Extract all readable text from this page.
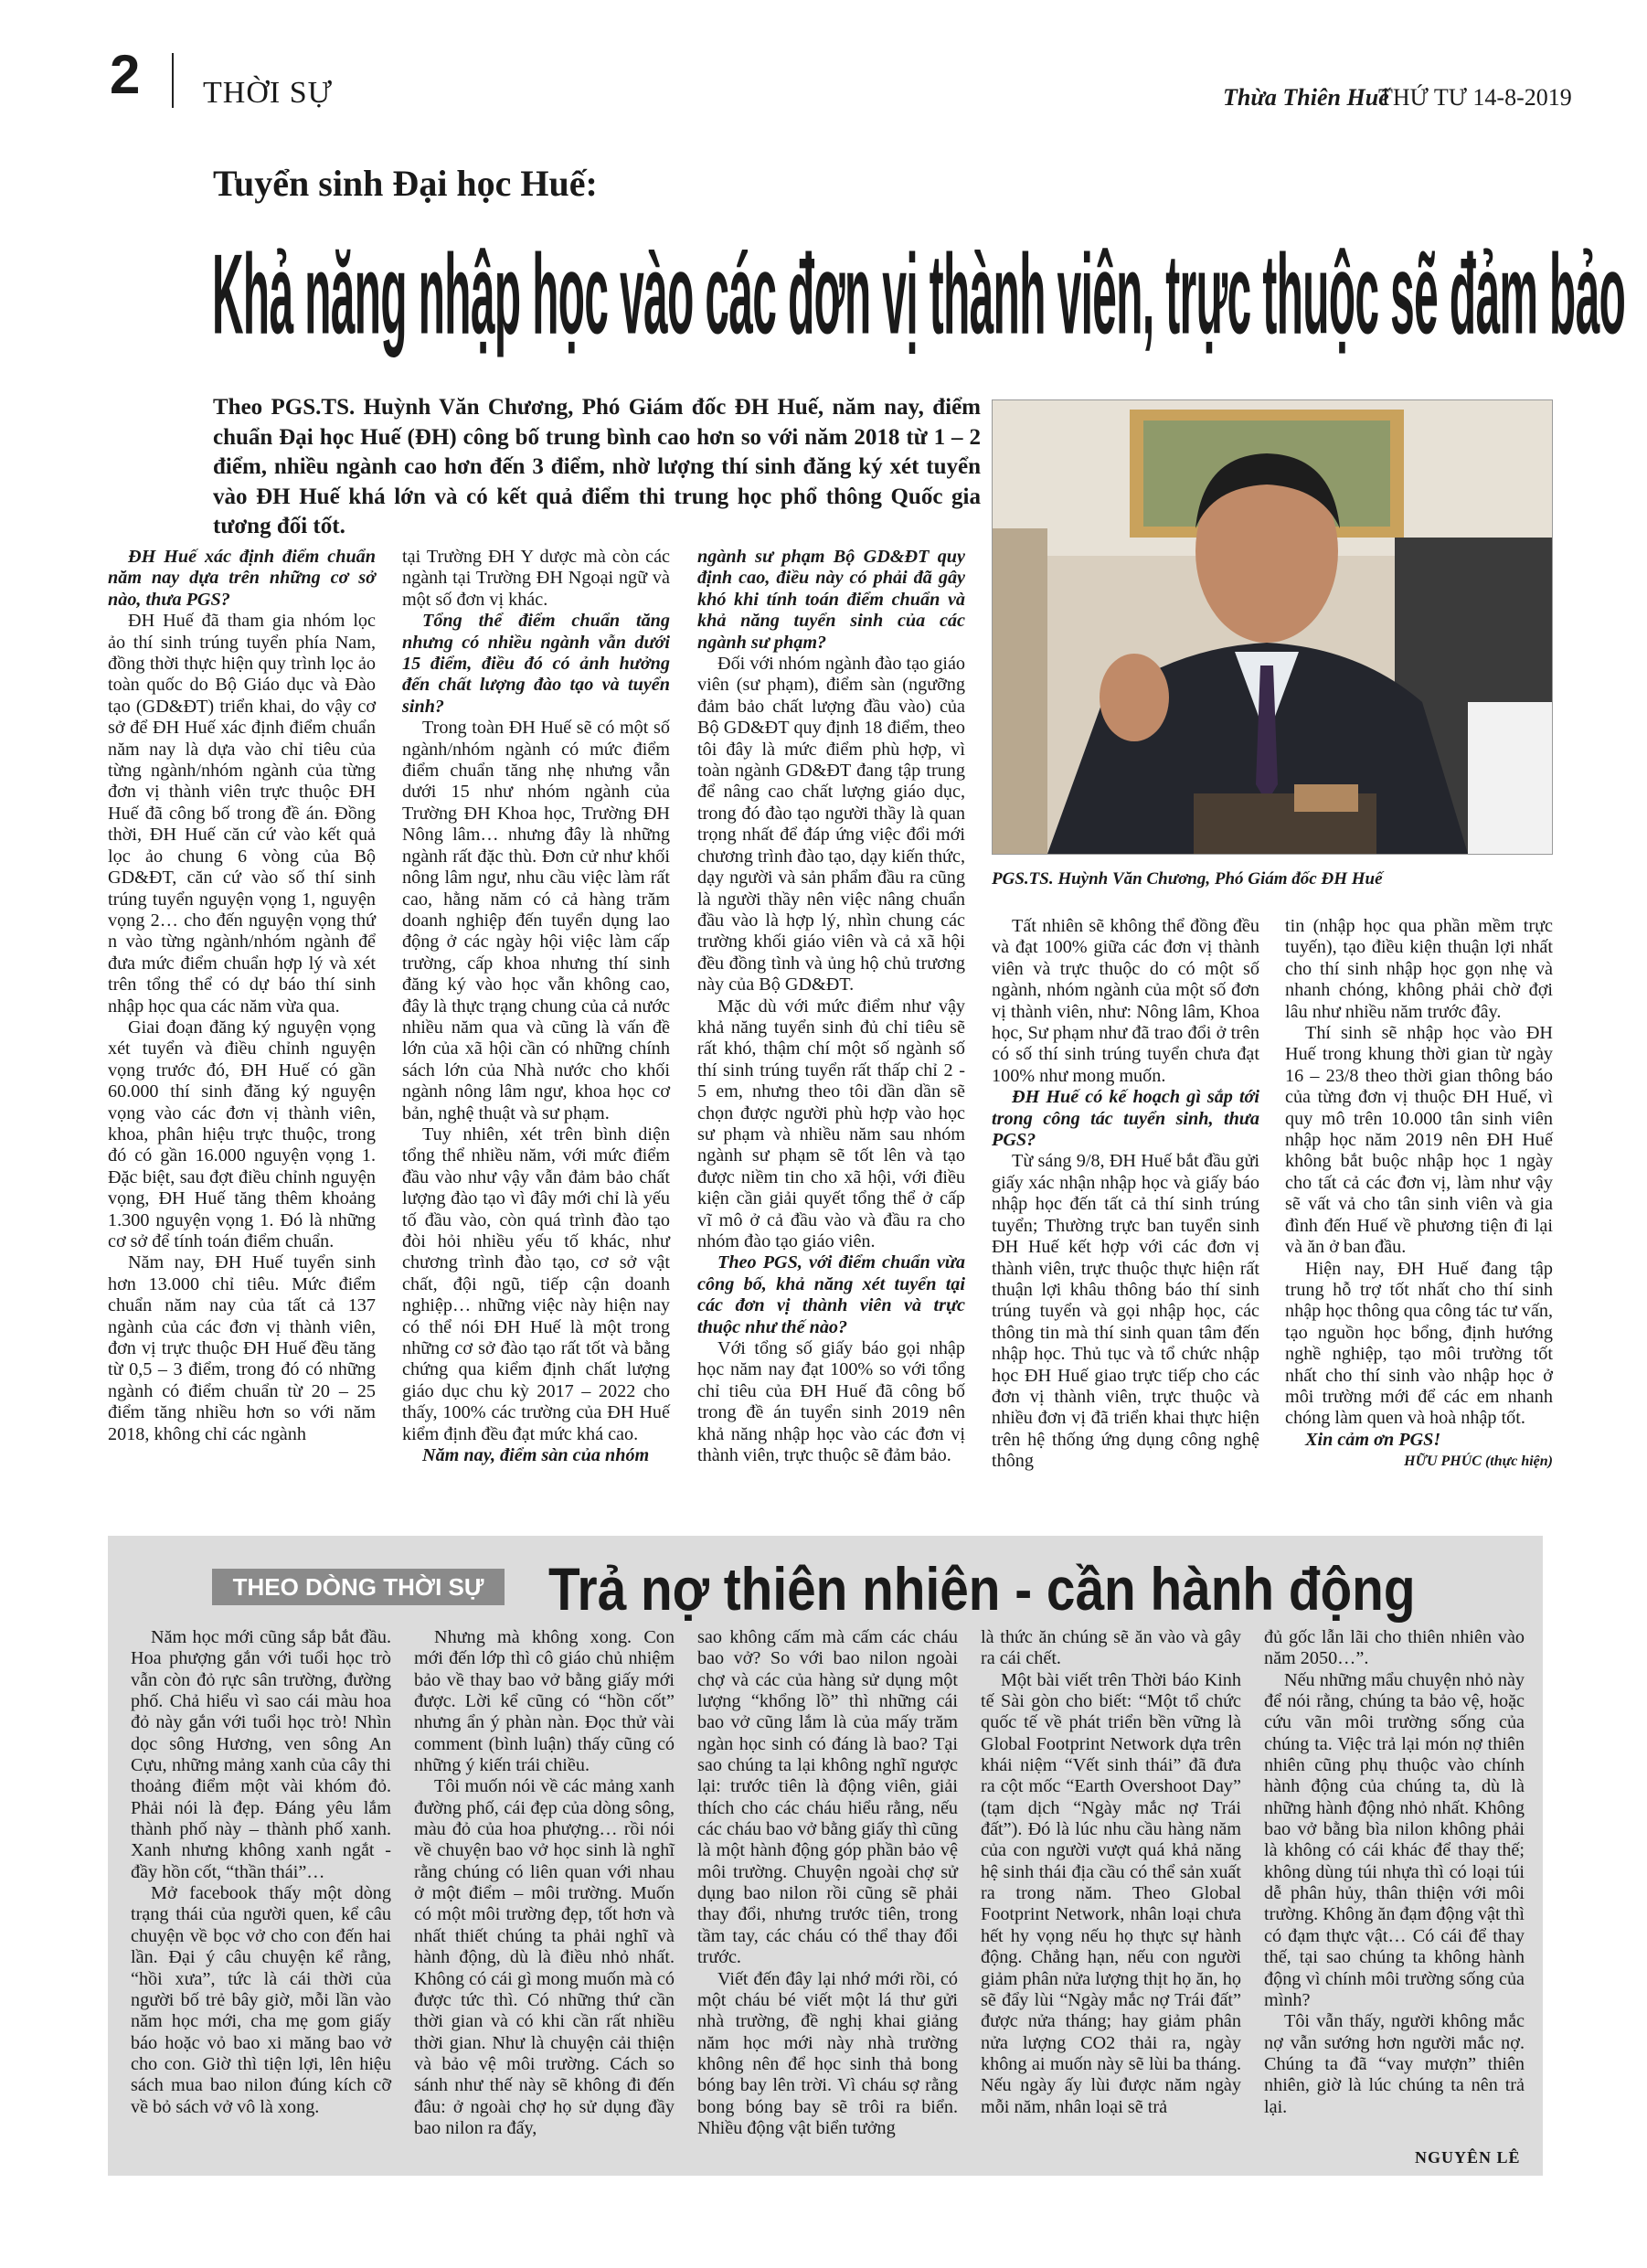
2 THỜI SỰ	Thừa Thiên Huế
THỨ TƯ 14-8-2019
Tuyển sinh Đại học Huế:
Khả năng nhập học vào các đơn vị thành viên, trực thuộc sẽ đảm bảo
Theo PGS.TS. Huỳnh Văn Chương, Phó Giám đốc ĐH Huế, năm nay, điểm chuẩn Đại học Huế (ĐH) công bố trung bình cao hơn so với năm 2018 từ 1 – 2 điểm, nhiều ngành cao hơn đến 3 điểm, nhờ lượng thí sinh đăng ký xét tuyển vào ĐH Huế khá lớn và có kết quả điểm thi trung học phổ thông Quốc gia tương đối tốt.
PGS.TS. Huỳnh Văn Chương, Phó Giám đốc ĐH Huế

ĐH Huế xác định điểm chuẩn năm nay dựa trên những cơ sở nào, thưa PGS?

ĐH Huế đã tham gia nhóm lọc ảo thí sinh trúng tuyển phía Nam, đồng thời thực hiện quy trình lọc ảo toàn quốc do Bộ Giáo dục và Đào tạo (GD&ĐT) triển khai, do vậy cơ sở để ĐH Huế xác định điểm chuẩn năm nay là dựa vào chỉ tiêu của từng ngành/nhóm ngành của từng đơn vị thành viên trực thuộc ĐH Huế đã công bố trong đề án. Đồng thời, ĐH Huế căn cứ vào kết quả lọc ảo chung 6 vòng của Bộ GD&ĐT, căn cứ vào số thí sinh trúng tuyển nguyện vọng 1, nguyện vọng 2… cho đến nguyện vọng thứ n vào từng ngành/nhóm ngành để đưa mức điểm chuẩn hợp lý và xét trên tổng thể có dự báo thí sinh nhập học qua các năm vừa qua.

Giai đoạn đăng ký nguyện vọng xét tuyển và điều chỉnh nguyện vọng trước đó, ĐH Huế có gần 60.000 thí sinh đăng ký nguyện vọng vào các đơn vị thành viên, khoa, phân hiệu trực thuộc, trong đó có gần 16.000 nguyện vọng 1. Đặc biệt, sau đợt điều chỉnh nguyện vọng, ĐH Huế tăng thêm khoảng 1.300 nguyện vọng 1. Đó là những cơ sở để tính toán điểm chuẩn.

Năm nay, ĐH Huế tuyển sinh hơn 13.000 chỉ tiêu. Mức điểm chuẩn năm nay của tất cả 137 ngành của các đơn vị thành viên, đơn vị trực thuộc ĐH Huế đều tăng từ 0,5 – 3 điểm, trong đó có những ngành có điểm chuẩn từ 20 – 25 điểm tăng nhiều hơn so với năm 2018, không chỉ các ngành

tại Trường ĐH Y dược mà còn các ngành tại Trường ĐH Ngoại ngữ và một số đơn vị khác.

Tổng thể điểm chuẩn tăng nhưng có nhiều ngành vẫn dưới 15 điểm, điều đó có ảnh hưởng đến chất lượng đào tạo và tuyển sinh?

Trong toàn ĐH Huế sẽ có một số ngành/nhóm ngành có mức điểm điểm chuẩn tăng nhẹ nhưng vẫn dưới 15 như nhóm ngành của Trường ĐH Khoa học, Trường ĐH Nông lâm… nhưng đây là những ngành rất đặc thù. Đơn cử như khối nông lâm ngư, nhu cầu việc làm rất cao, hằng năm có cả hàng trăm doanh nghiệp đến tuyển dụng lao động ở các ngày hội việc làm cấp trường, cấp khoa nhưng thí sinh đăng ký vào học vẫn không cao, đây là thực trạng chung của cả nước nhiều năm qua và cũng là vấn đề lớn của xã hội cần có những chính sách lớn của Nhà nước cho khối ngành nông lâm ngư, khoa học cơ bản, nghệ thuật và sư phạm.

Tuy nhiên, xét trên bình diện tổng thể nhiều năm, với mức điểm đầu vào như vậy vẫn đảm bảo chất lượng đào tạo vì đây mới chỉ là yếu tố đầu vào, còn quá trình đào tạo đòi hỏi nhiều yếu tố khác, như chương trình đào tạo, cơ sở vật chất, đội ngũ, tiếp cận doanh nghiệp… những việc này hiện nay có thể nói ĐH Huế là một trong những cơ sở đào tạo rất tốt và bằng chứng qua kiểm định chất lượng giáo dục chu kỳ 2017 – 2022 cho thấy, 100% các trường của ĐH Huế kiểm định đều đạt mức khá cao.

Năm nay, điểm sàn của nhóm

ngành sư phạm Bộ GD&ĐT quy định cao, điều này có phải đã gây khó khi tính toán điểm chuẩn và khả năng tuyển sinh của các ngành sư phạm?

Đối với nhóm ngành đào tạo giáo viên (sư phạm), điểm sàn (ngưỡng đảm bảo chất lượng đầu vào) của Bộ GD&ĐT quy định 18 điểm, theo tôi đây là mức điểm phù hợp, vì toàn ngành GD&ĐT đang tập trung để nâng cao chất lượng giáo dục, trong đó đào tạo người thầy là quan trọng nhất để đáp ứng việc đổi mới chương trình đào tạo, dạy kiến thức, dạy người và sản phẩm đầu ra cũng là người thầy nên việc nâng chuẩn đầu vào là hợp lý, nhìn chung các trường khối giáo viên và cả xã hội đều đồng tình và ủng hộ chủ trương này của Bộ GD&ĐT.

Mặc dù với mức điểm như vậy khả năng tuyển sinh đủ chỉ tiêu sẽ rất khó, thậm chí một số ngành số thí sinh trúng tuyển rất thấp chỉ 2 - 5 em, nhưng theo tôi dần dần sẽ chọn được người phù hợp vào học sư phạm và nhiều năm sau nhóm ngành sư phạm sẽ tốt lên và tạo được niềm tin cho xã hội, với điều kiện cần giải quyết tổng thể ở cấp vĩ mô ở cả đầu vào và đầu ra cho nhóm đào tạo giáo viên.

Theo PGS, với điểm chuẩn vừa công bố, khả năng xét tuyển tại các đơn vị thành viên và trực thuộc như thế nào?

Với tổng số giấy báo gọi nhập học năm nay đạt 100% so với tổng chỉ tiêu của ĐH Huế đã công bố trong đề án tuyển sinh 2019 nên khả năng nhập học vào các đơn vị thành viên, trực thuộc sẽ đảm bảo.

Tất nhiên sẽ không thể đồng đều và đạt 100% giữa các đơn vị thành viên và trực thuộc do có một số ngành, nhóm ngành của một số đơn vị thành viên, như: Nông lâm, Khoa học, Sư phạm như đã trao đổi ở trên có số thí sinh trúng tuyển chưa đạt 100% như mong muốn.

ĐH Huế có kế hoạch gì sắp tới trong công tác tuyển sinh, thưa PGS?

Từ sáng 9/8, ĐH Huế bắt đầu gửi giấy xác nhận nhập học và giấy báo nhập học đến tất cả thí sinh trúng tuyển; Thường trực ban tuyển sinh ĐH Huế kết hợp với các đơn vị thành viên, trực thuộc thực hiện rất thuận lợi khâu thông báo thí sinh trúng tuyển và gọi nhập học, các thông tin mà thí sinh quan tâm đến nhập học. Thủ tục và tổ chức nhập học ĐH Huế giao trực tiếp cho các đơn vị thành viên, trực thuộc và nhiều đơn vị đã triển khai thực hiện trên hệ thống ứng dụng công nghệ thông

tin (nhập học qua phần mềm trực tuyến), tạo điều kiện thuận lợi nhất cho thí sinh nhập học gọn nhẹ và nhanh chóng, không phải chờ đợi lâu như nhiều năm trước đây.

Thí sinh sẽ nhập học vào ĐH Huế trong khung thời gian từ ngày 16 – 23/8 theo thời gian thông báo của từng đơn vị thuộc ĐH Huế, vì quy mô trên 10.000 tân sinh viên nhập học năm 2019 nên ĐH Huế không bắt buộc nhập học 1 ngày cho tất cả các đơn vị, làm như vậy sẽ vất vả cho tân sinh viên và gia đình đến Huế về phương tiện đi lại và ăn ở ban đầu.

Hiện nay, ĐH Huế đang tập trung hỗ trợ tốt nhất cho thí sinh nhập học thông qua công tác tư vấn, tạo nguồn học bổng, định hướng nghề nghiệp, tạo môi trường tốt nhất cho thí sinh vào nhập học ở môi trường mới để các em nhanh chóng làm quen và hoà nhập tốt.

Xin cảm ơn PGS!

HỮU PHÚC (thực hiện)

THEO DÒNG THỜI SỰ	Trả nợ thiên nhiên - cần hành động

Năm học mới cũng sắp bắt đầu. Hoa phượng gắn với tuổi học trò vẫn còn đỏ rực sân trường, đường phố. Chả hiểu vì sao cái màu hoa đỏ này gắn với tuổi học trò! Nhìn dọc sông Hương, ven sông An Cựu, những mảng xanh của cây thi thoảng điểm một vài khóm đỏ. Phải nói là đẹp. Đáng yêu lắm thành phố này – thành phố xanh. Xanh nhưng không xanh ngắt - đầy hồn cốt, “thần thái”…

Mở facebook thấy một dòng trạng thái của người quen, kể câu chuyện về bọc vở cho con đến hai lần. Đại ý câu chuyện kể rằng, “hồi xưa”, tức là cái thời của người bố trẻ bây giờ, mỗi lần vào năm học mới, cha mẹ gom giấy báo hoặc vỏ bao xi măng bao vở cho con. Giờ thì tiện lợi, lên hiệu sách mua bao nilon đúng kích cỡ về bỏ sách vở vô là xong.

Nhưng mà không xong. Con mới đến lớp thì cô giáo chủ nhiệm bảo về thay bao vở bằng giấy mới được. Lời kể cũng có “hồn cốt” nhưng ẩn ý phàn nàn. Đọc thử vài comment (bình luận) thấy cũng có những ý kiến trái chiều.

Tôi muốn nói về các mảng xanh đường phố, cái đẹp của dòng sông, màu đỏ của hoa phượng… rồi nói về chuyện bao vở học sinh là nghĩ rằng chúng có liên quan với nhau ở một điểm – môi trường. Muốn có một môi trường đẹp, tốt hơn và nhất thiết chúng ta phải nghĩ và hành động, dù là điều nhỏ nhất. Không có cái gì mong muốn mà có được tức thì. Có những thứ cần thời gian và có khi cần rất nhiều thời gian. Như là chuyện cải thiện và bảo vệ môi trường. Cách so sánh như thế này sẽ không đi đến đâu: ở ngoài chợ họ sử dụng đầy bao nilon ra đấy,

sao không cấm mà cấm các cháu bao vở? So với bao nilon ngoài chợ và các của hàng sử dụng một lượng “khổng lồ” thì những cái bao vở cũng lắm là của mấy trăm ngàn học sinh có đáng là bao? Tại sao chúng ta lại không nghĩ ngược lại: trước tiên là động viên, giải thích cho các cháu hiểu rằng, nếu các cháu bao vở bằng giấy thì cũng là một hành động góp phần bảo vệ môi trường. Chuyện ngoài chợ sử dụng bao nilon rồi cũng sẽ phải thay đổi, nhưng trước tiên, trong tầm tay, các cháu có thể thay đổi trước.

Viết đến đây lại nhớ mới rồi, có một cháu bé viết một lá thư gửi nhà trường, đề nghị khai giảng năm học mới này nhà trường không nên để học sinh thả bong bóng bay lên trời. Vì cháu sợ rằng bong bóng bay sẽ trôi ra biển. Nhiều động vật biển tưởng

là thức ăn chúng sẽ ăn vào và gây ra cái chết.

Một bài viết trên Thời báo Kinh tế Sài gòn cho biết: “Một tổ chức quốc tế về phát triển bền vững là Global Footprint Network dựa trên khái niệm “Vết sinh thái” đã đưa ra cột mốc “Earth Overshoot Day” (tạm dịch “Ngày mắc nợ Trái đất”). Đó là lúc nhu cầu hàng năm của con người vượt quá khả năng hệ sinh thái địa cầu có thể sản xuất ra trong năm. Theo Global Footprint Network, nhân loại chưa hết hy vọng nếu họ thực sự hành động. Chẳng hạn, nếu con người giảm phân nửa lượng thịt họ ăn, họ sẽ đẩy lùi “Ngày mắc nợ Trái đất” được nửa tháng; hay giảm phân nửa lượng CO2 thải ra, ngày không ai muốn này sẽ lùi ba tháng. Nếu ngày ấy lùi được năm ngày mỗi năm, nhân loại sẽ trả

đủ gốc lẫn lãi cho thiên nhiên vào năm 2050…”.

Nếu những mẩu chuyện nhỏ này để nói rằng, chúng ta bảo vệ, hoặc cứu vãn môi trường sống của chúng ta. Việc trả lại món nợ thiên nhiên cũng phụ thuộc vào chính hành động của chúng ta, dù là những hành động nhỏ nhất. Không bao vở bằng bìa nilon không phải là không có cái khác để thay thế; không dùng túi nhựa thì có loại túi dễ phân hủy, thân thiện với môi trường. Không ăn đạm động vật thì có đạm thực vật… Có cái để thay thế, tại sao chúng ta không hành động vì chính môi trường sống của mình?

Tôi vẫn thấy, người không mắc nợ vẫn sướng hơn người mắc nợ. Chúng ta đã “vay mượn” thiên nhiên, giờ là lúc chúng ta nên trả lại.

NGUYÊN LÊ
